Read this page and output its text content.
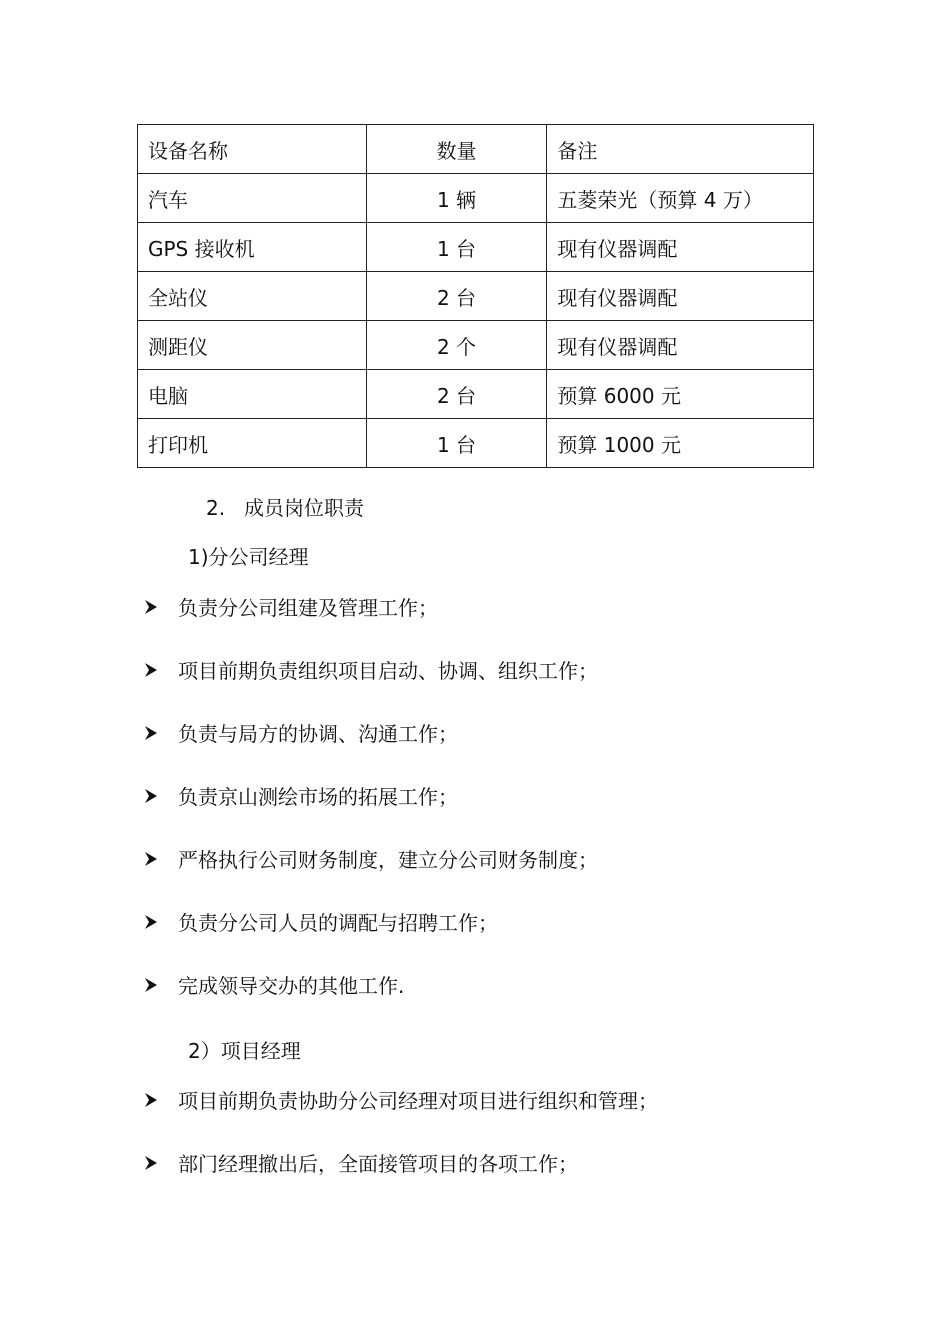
设备名称	数量	备注
汽车	1 辆	五菱荣光（预算 4 万）
GPS 接收机	1 台	现有仪器调配
全站仪	2 台	现有仪器调配
测距仪	2 个	现有仪器调配
电脑	2 台	预算 6000 元
打印机	1 台	预算 1000 元
2. 成员岗位职责
1)分公司经理
负责分公司组建及管理工作；
项目前期负责组织项目启动、协调、组织工作；
负责与局方的协调、沟通工作；
负责京山测绘市场的拓展工作；
严格执行公司财务制度，建立分公司财务制度；
负责分公司人员的调配与招聘工作；
完成领导交办的其他工作.
2）项目经理
项目前期负责协助分公司经理对项目进行组织和管理；
部门经理撤出后，全面接管项目的各项工作；
